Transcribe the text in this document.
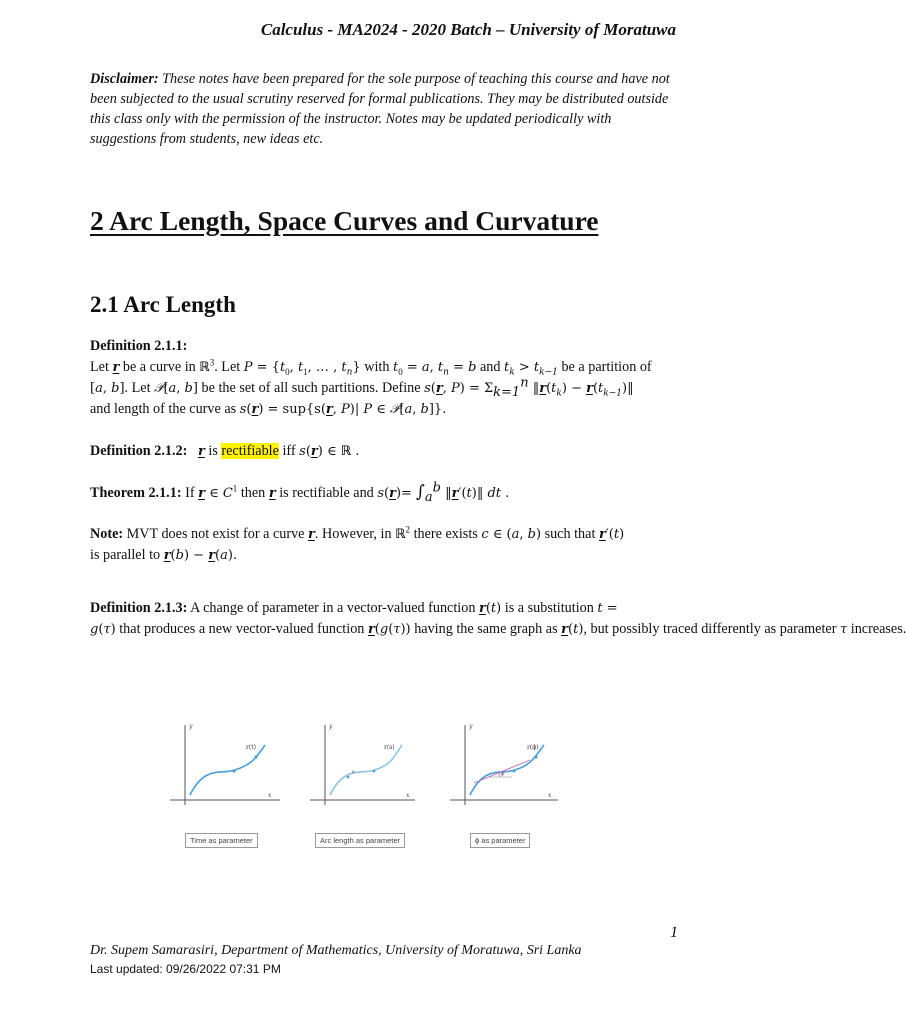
Calculus - MA2024 - 2020 Batch – University of Moratuwa
Disclaimer: These notes have been prepared for the sole purpose of teaching this course and have not been subjected to the usual scrutiny reserved for formal publications. They may be distributed outside this class only with the permission of the instructor. Notes may be updated periodically with suggestions from students, new ideas etc.
2 Arc Length, Space Curves and Curvature
2.1 Arc Length
Definition 2.1.1:
Let r be a curve in ℝ$^3$. Let $P = \{t_0$, $t_1$, … , $t_n$} with $t_0 = a$, $t_n = b$ and $t_k > t_{k-1}$ be a partition of
[a, b]. Let 𝒫[a, b] be the set of all such partitions. Define s(r, $P) = \Sigma_{k=1}^n$ $‖r(t_k)$ − $r(t_{k-1})‖$
and length of the curve as s(r) = sup{s(r, P)| P ∈ 𝒫[a, b]}.
Definition 2.1.2: r is rectifiable iff s(r) ∈ ℝ .
Theorem 2.1.1: If r ∈ $C^1$ then r is rectifiable and $s(r)= \int_a^b$ ‖r′(t)‖ dt .
Note: MVT does not exist for a curve r. However, in ℝ$^2$ there exists c ∈ (a, b) such that r′(t)
is parallel to r(b) − r(a).
Definition 2.1.3: A change of parameter in a vector-valued function r(t) is a substitution t =
g(τ) that produces a new vector-valued function r(g(τ)) having the same graph as r(t), but possibly traced differently as parameter τ increases.
y
x
r(t)
Time as parameter
y
x
r(s)
s
Arc length as parameter
y
x
r(ϕ)
ϕ
ϕ as parameter
1
Dr. Supem Samarasiri, Department of Mathematics, University of Moratuwa, Sri Lanka
Last updated: 09/26/2022 07:31 PM
